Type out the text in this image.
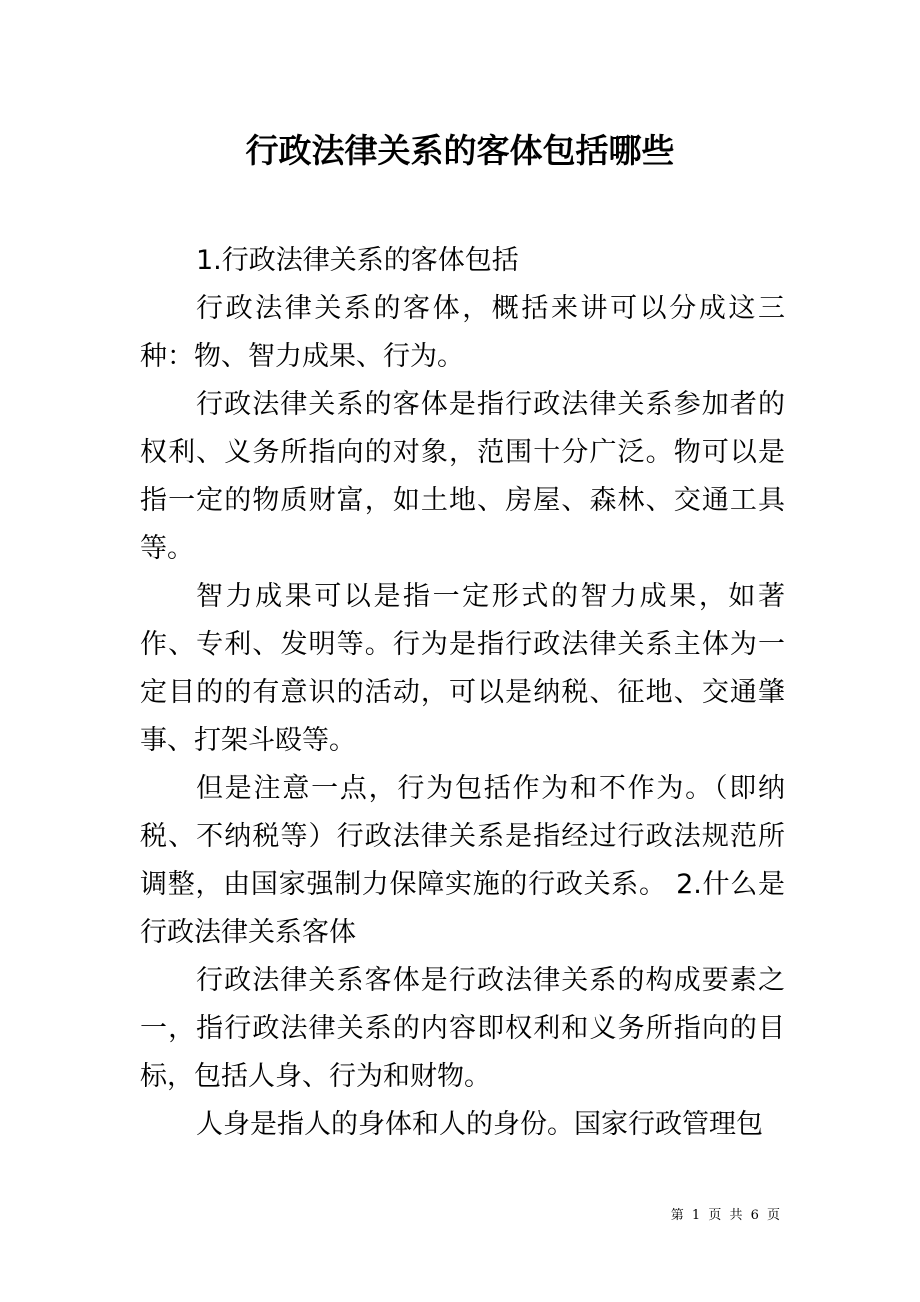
行政法律关系的客体包括哪些

1.行政法律关系的客体包括

行政法律关系的客体，概括来讲可以分成这三种：物、智力成果、行为。

行政法律关系的客体是指行政法律关系参加者的权利、义务所指向的对象，范围十分广泛。物可以是指一定的物质财富，如土地、房屋、森林、交通工具等。

智力成果可以是指一定形式的智力成果，如著作、专利、发明等。行为是指行政法律关系主体为一定目的的有意识的活动，可以是纳税、征地、交通肇事、打架斗殴等。

但是注意一点，行为包括作为和不作为。（即纳税、不纳税等）行政法律关系是指经过行政法规范所调整，由国家强制力保障实施的行政关系。 2.什么是行政法律关系客体

行政法律关系客体是行政法律关系的构成要素之一，指行政法律关系的内容即权利和义务所指向的目标，包括人身、行为和财物。

人身是指人的身体和人的身份。国家行政管理包

第 1 页 共 6 页
